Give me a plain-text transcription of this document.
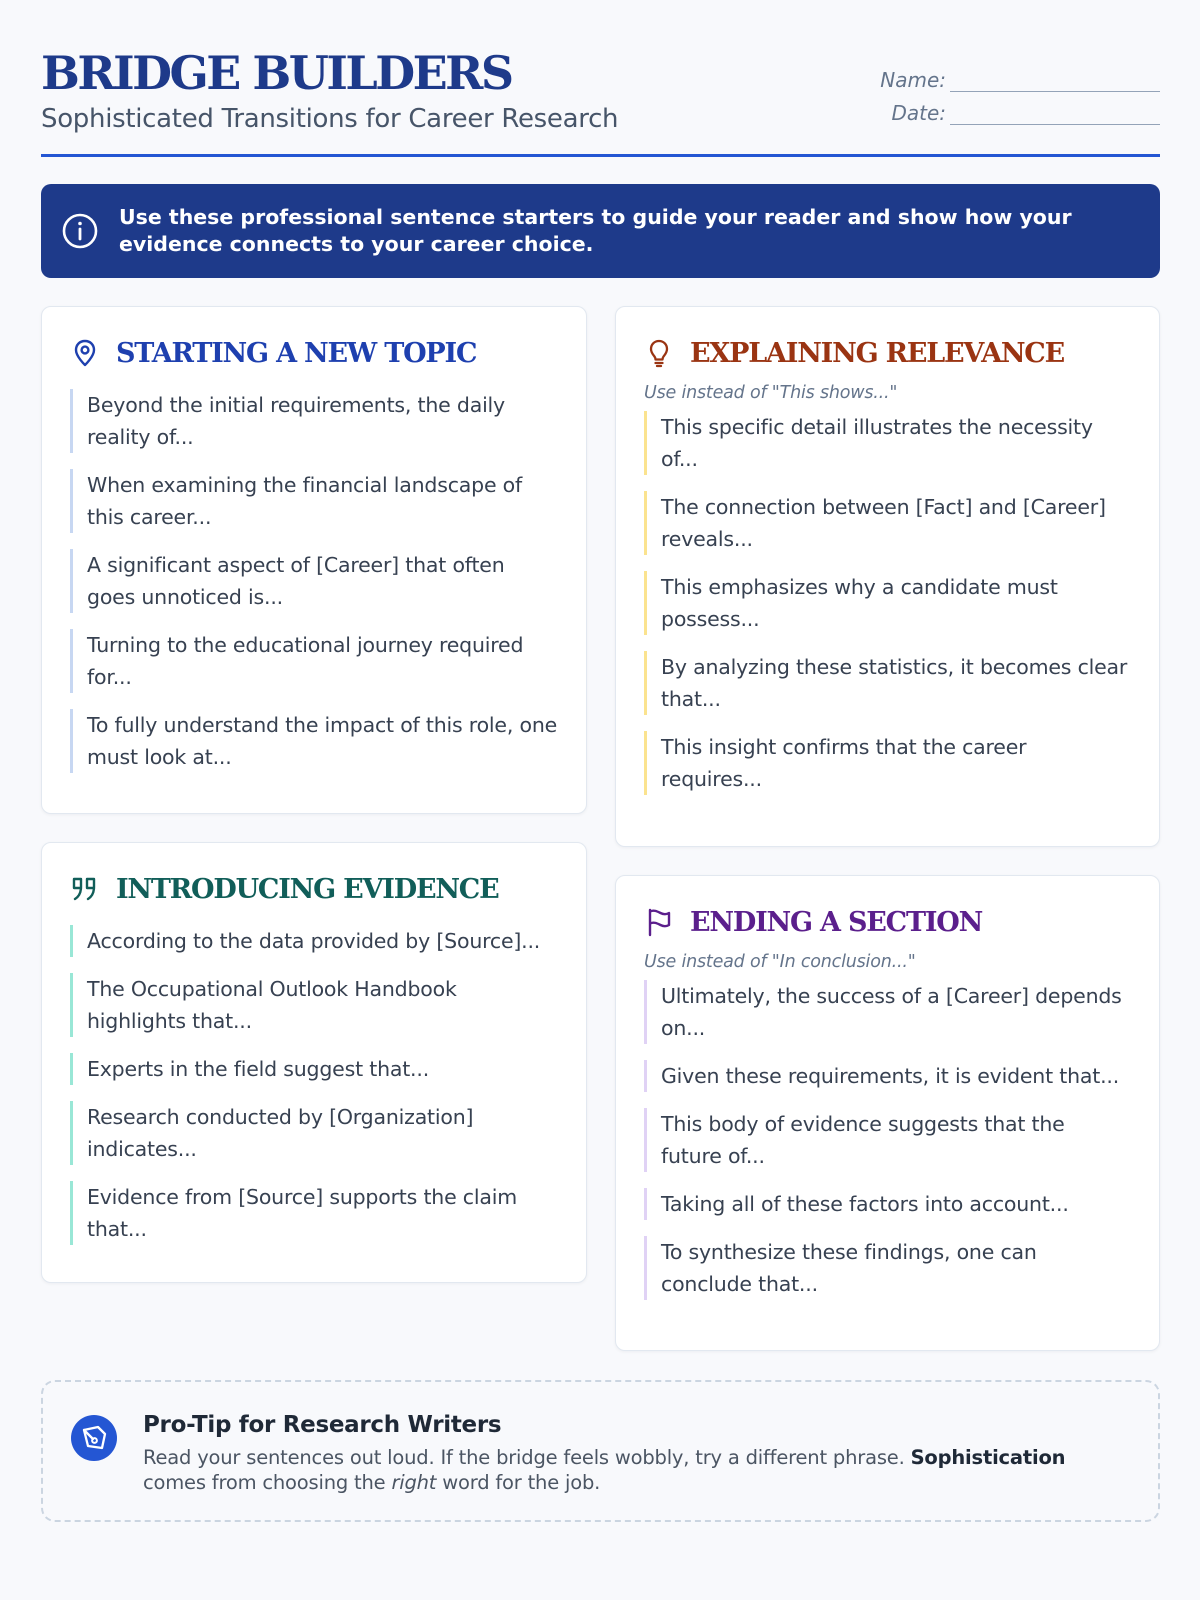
BRIDGE BUILDERS
Sophisticated Transitions for Career Research
Name:
Date:
Use these professional sentence starters to guide your reader and show how your evidence connects to your career choice.
STARTING A NEW TOPIC
Beyond the initial requirements, the daily reality of...
When examining the financial landscape of this career...
A significant aspect of [Career] that often goes unnoticed is...
Turning to the educational journey required for...
To fully understand the impact of this role, one must look at...
INTRODUCING EVIDENCE
According to the data provided by [Source]...
The Occupational Outlook Handbook highlights that...
Experts in the field suggest that...
Research conducted by [Organization] indicates...
Evidence from [Source] supports the claim that...
EXPLAINING RELEVANCE
Use instead of "This shows..."
This specific detail illustrates the necessity of...
The connection between [Fact] and [Career] reveals...
This emphasizes why a candidate must possess...
By analyzing these statistics, it becomes clear that...
This insight confirms that the career requires...
ENDING A SECTION
Use instead of "In conclusion..."
Ultimately, the success of a [Career] depends on...
Given these requirements, it is evident that...
This body of evidence suggests that the future of...
Taking all of these factors into account...
To synthesize these findings, one can conclude that...
Pro-Tip for Research Writers
Read your sentences out loud. If the bridge feels wobbly, try a different phrase. Sophistication comes from choosing the right word for the job.
